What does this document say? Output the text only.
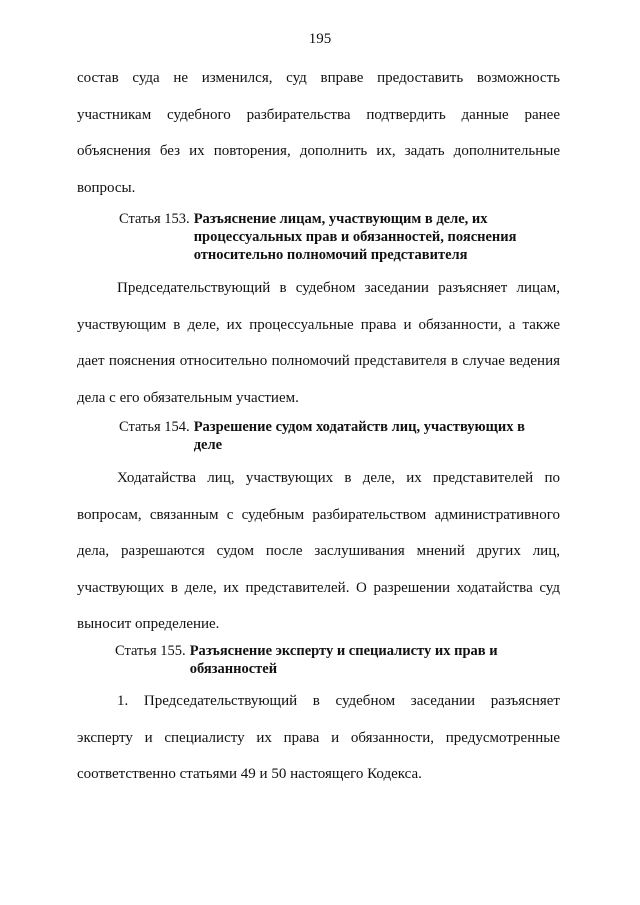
195

состав суда не изменился, суд вправе предоставить возможность участникам судебного разбирательства подтвердить данные ранее объяснения без их повторения, дополнить их, задать дополнительные вопросы.

Статья 153. Разъяснение лицам, участвующим в деле, их процессуальных прав и обязанностей, пояснения относительно полномочий представителя

Председательствующий в судебном заседании разъясняет лицам, участвующим в деле, их процессуальные права и обязанности, а также дает пояснения относительно полномочий представителя в случае ведения дела с его обязательным участием.

Статья 154. Разрешение судом ходатайств лиц, участвующих в деле

Ходатайства лиц, участвующих в деле, их представителей по вопросам, связанным с судебным разбирательством административного дела, разрешаются судом после заслушивания мнений других лиц, участвующих в деле, их представителей. О разрешении ходатайства суд выносит определение.

Статья 155. Разъяснение эксперту и специалисту их прав и обязанностей

1. Председательствующий в судебном заседании разъясняет эксперту и специалисту их права и обязанности, предусмотренные соответственно статьями 49 и 50 настоящего Кодекса.
